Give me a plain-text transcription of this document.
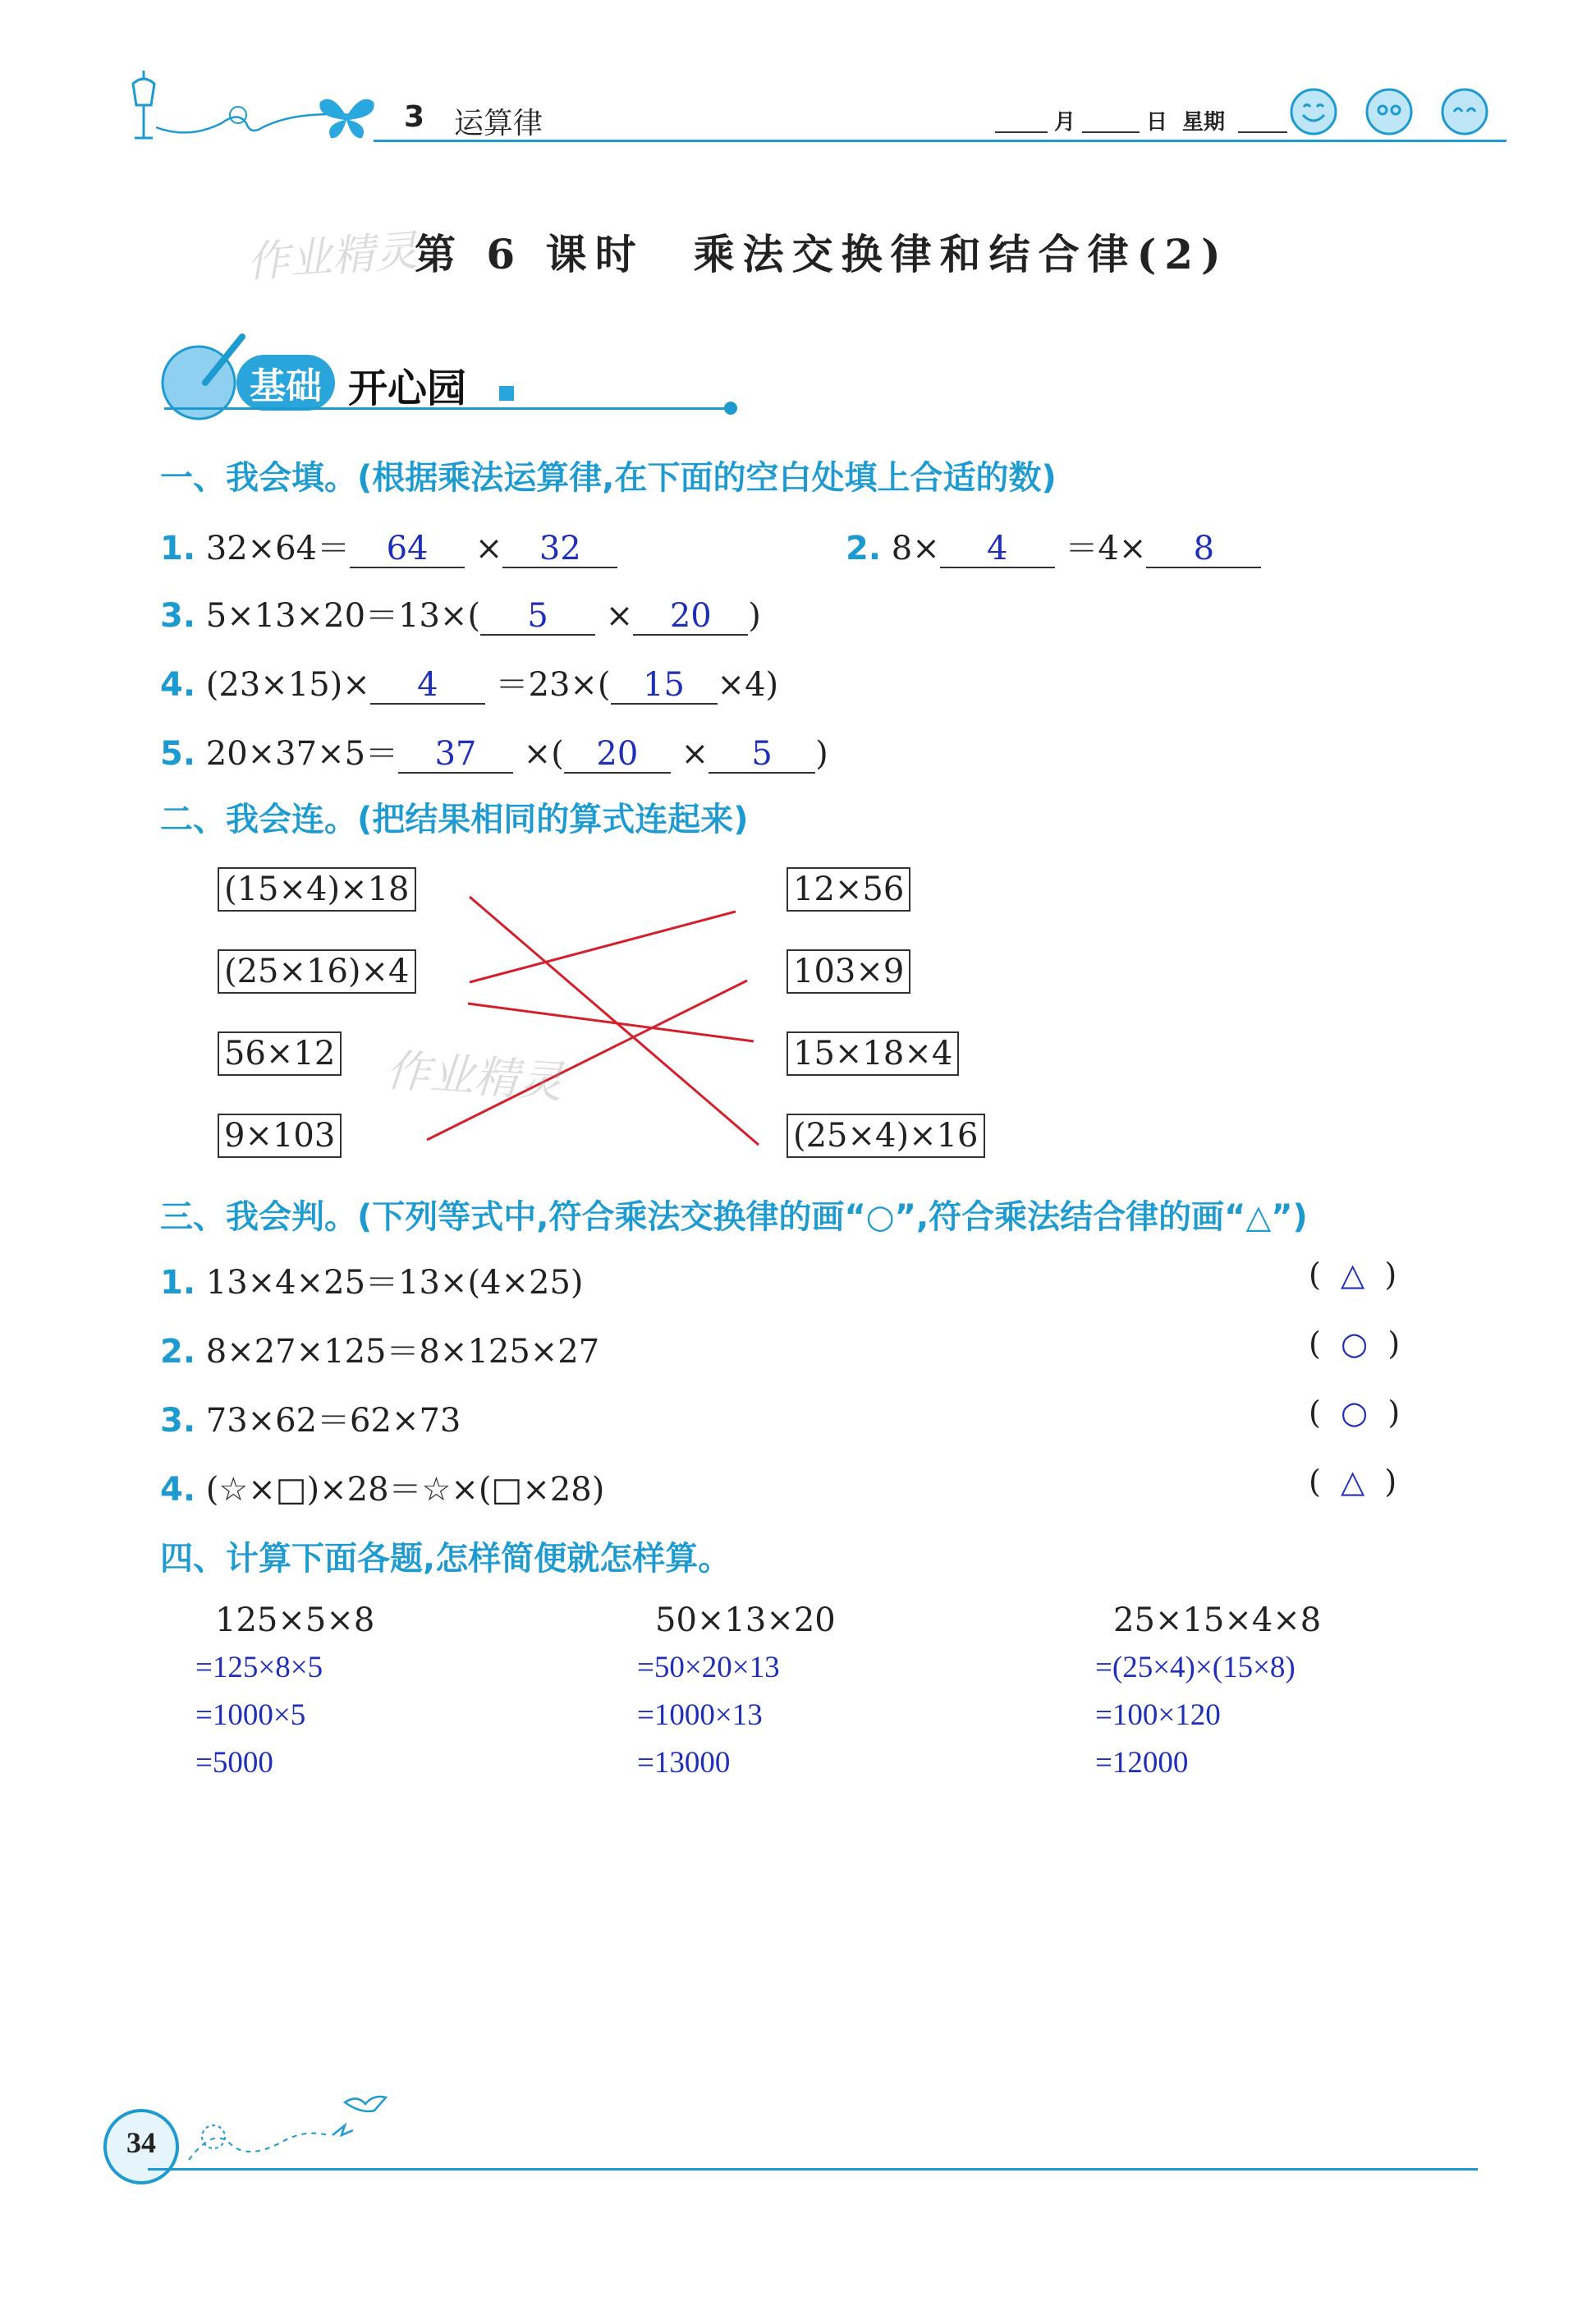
3 运算律	月	日 星期
第 6 课时　乘法交换律和结合律(2)
作业精灵
基础 开心园
一、我会填。(根据乘法运算律,在下面的空白处填上合适的数)
1. 32×64＝ 64 × 32	2. 8× 4 ＝4× 8
3. 5×13×20＝13×( 5 × 20 )
4. (23×15)× 4 ＝23×( 15 ×4)
5. 20×37×5＝ 37 ×( 20 × 5 )
二、我会连。(把结果相同的算式连起来)
(15×4)×18
(25×16)×4
56×12
9×103
12×56
103×9
15×18×4
(25×4)×16
作业精灵
三、我会判。(下列等式中,符合乘法交换律的画“○”,符合乘法结合律的画“△”)
1. 13×4×25＝13×(4×25)	(  △  )
2. 8×27×125＝8×125×27	(  ○  )
3. 73×62＝62×73	(  ○  )
4. (☆×□)×28＝☆×(□×28)	(  △  )
四、计算下面各题,怎样简便就怎样算。
125×5×8
=125×8×5
=1000×5
=5000
50×13×20
=50×20×13
=1000×13
=13000
25×15×4×8
=(25×4)×(15×8)
=100×120
=12000
34
